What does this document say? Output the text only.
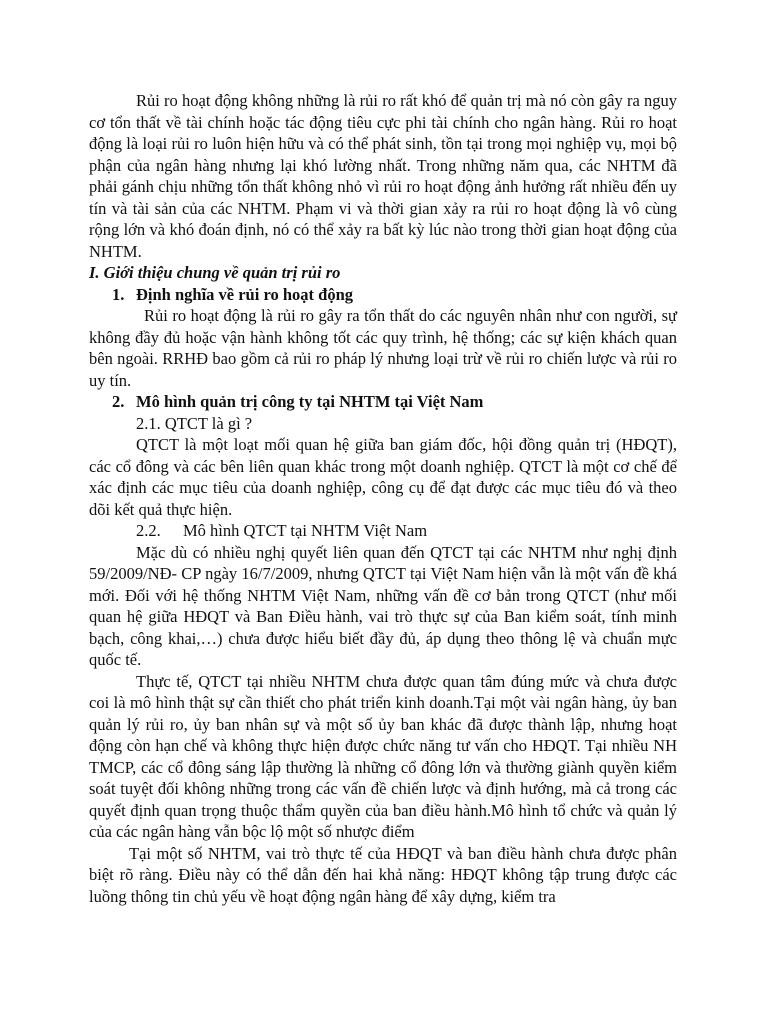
Rủi ro hoạt động không những là rủi ro rất khó để quản trị mà nó còn gây ra nguy cơ tổn thất về tài chính hoặc tác động tiêu cực phi tài chính cho ngân hàng. Rủi ro hoạt động là loại rủi ro luôn hiện hữu và có thể phát sinh, tồn tại trong mọi nghiệp vụ, mọi bộ phận của ngân hàng nhưng lại khó lường nhất. Trong những năm qua, các NHTM đã phải gánh chịu những tổn thất không nhỏ vì rủi ro hoạt động ảnh hưởng rất nhiều đến uy tín và tài sản của các NHTM. Phạm vi và thời gian xảy ra rủi ro hoạt động là vô cùng rộng lớn và khó đoán định, nó có thể xảy ra bất kỳ lúc nào trong thời gian hoạt động của NHTM.

I. Giới thiệu chung về quản trị rủi ro

1. Định nghĩa về rủi ro hoạt động

Rủi ro hoạt động là rủi ro gây ra tổn thất do các nguyên nhân như con người, sự không đầy đủ hoặc vận hành không tốt các quy trình, hệ thống; các sự kiện khách quan bên ngoài. RRHĐ bao gồm cả rủi ro pháp lý nhưng loại trừ về rủi ro chiến lược và rủi ro uy tín.

2. Mô hình quản trị công ty tại NHTM tại Việt Nam

2.1. QTCT là gì ?

QTCT là một loạt mối quan hệ giữa ban giám đốc, hội đồng quản trị (HĐQT), các cổ đông và các bên liên quan khác trong một doanh nghiệp. QTCT là một cơ chế để xác định các mục tiêu của doanh nghiệp, công cụ để đạt được các mục tiêu đó và theo dõi kết quả thực hiện.

2.2. Mô hình QTCT tại NHTM Việt Nam

Mặc dù có nhiều nghị quyết liên quan đến QTCT tại các NHTM như nghị định 59/2009/NĐ- CP ngày 16/7/2009, nhưng QTCT tại Việt Nam hiện vẫn là một vấn đề khá mới. Đối với hệ thống NHTM Việt Nam, những vấn đề cơ bản trong QTCT (như mối quan hệ giữa HĐQT và Ban Điều hành, vai trò thực sự của Ban kiểm soát, tính minh bạch, công khai,…) chưa được hiểu biết đầy đủ, áp dụng theo thông lệ và chuẩn mực quốc tế.

Thực tế, QTCT tại nhiều NHTM chưa được quan tâm đúng mức và chưa được coi là mô hình thật sự cần thiết cho phát triển kinh doanh.Tại một vài ngân hàng, ủy ban quản lý rủi ro, ủy ban nhân sự và một số ủy ban khác đã được thành lập, nhưng hoạt động còn hạn chế và không thực hiện được chức năng tư vấn cho HĐQT. Tại nhiều NH TMCP, các cổ đông sáng lập thường là những cổ đông lớn và thường giành quyền kiểm soát tuyệt đối không những trong các vấn đề chiến lược và định hướng, mà cả trong các quyết định quan trọng thuộc thẩm quyền của ban điều hành.Mô hình tổ chức và quản lý của các ngân hàng vẫn bộc lộ một số nhược điểm

Tại một số NHTM, vai trò thực tế của HĐQT và ban điều hành chưa được phân biệt rõ ràng. Điều này có thể dẫn đến hai khả năng: HĐQT không tập trung được các luồng thông tin chủ yếu về hoạt động ngân hàng để xây dựng, kiểm tra
